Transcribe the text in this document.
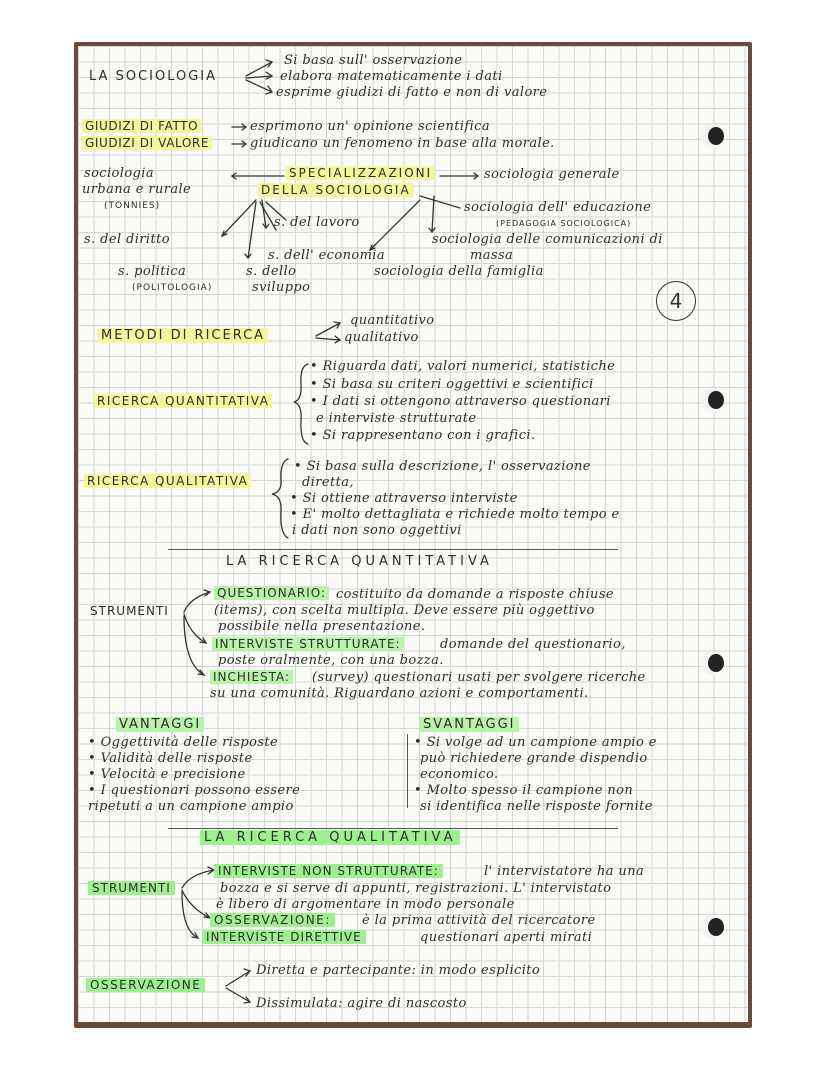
LA SOCIOLOGIA
Si basa sull' osservazione
elabora matematicamente i dati
esprime giudizi di fatto e non di valore
GIUDIZI DI FATTO	esprimono un' opinione scientifica
GIUDIZI DI VALORE	giudicano un fenomeno in base alla morale.
SPECIALIZZAZIONI
DELLA SOCIOLOGIA
sociologia
urbana e rurale
(TONNIES)
sociologia generale
sociologia dell' educazione
(PEDAGOGIA SOCIOLOGICA)
s. del lavoro
s. del diritto
s. dell' economia
sociologia delle comunicazioni di
massa
s. politica
(POLITOLOGIA)
s. dello
sviluppo
sociologia della famiglia
4
METODI DI RICERCA
quantitativo
qualitativo
RICERCA QUANTITATIVA
• Riguarda dati, valori numerici, statistiche
• Si basa su criteri oggettivi e scientifici
• I dati si ottengono attraverso questionari
e interviste strutturate
• Si rappresentano con i grafici.
RICERCA QUALITATIVA
• Si basa sulla descrizione, l' osservazione
diretta,
• Si ottiene attraverso interviste
• E' molto dettagliata e richiede molto tempo e
i dati non sono oggettivi
LA RICERCA QUANTITATIVA
STRUMENTI
QUESTIONARIO: costituito da domande a risposte chiuse
(items), con scelta multipla. Deve essere più oggettivo
possibile nella presentazione.
INTERVISTE STRUTTURATE:	domande del questionario,
poste oralmente, con una bozza.
INCHIESTA: (survey) questionari usati per svolgere ricerche
su una comunità. Riguardano azioni e comportamenti.
VANTAGGI
• Oggettività delle risposte
• Validità delle risposte
• Velocità e precisione
• I questionari possono essere
ripetuti a un campione ampio
SVANTAGGI
• Si volge ad un campione ampio e
può richiedere grande dispendio
economico.
• Molto spesso il campione non
si identifica nelle risposte fornite
LA RICERCA QUALITATIVA
STRUMENTI
INTERVISTE NON STRUTTURATE:	l' intervistatore ha una
bozza e si serve di appunti, registrazioni. L' intervistato
è libero di argomentare in modo personale
OSSERVAZIONE:	è la prima attività del ricercatore
INTERVISTE DIRETTIVE	questionari aperti mirati
OSSERVAZIONE
Diretta e partecipante: in modo esplicito
Dissimulata: agire di nascosto
